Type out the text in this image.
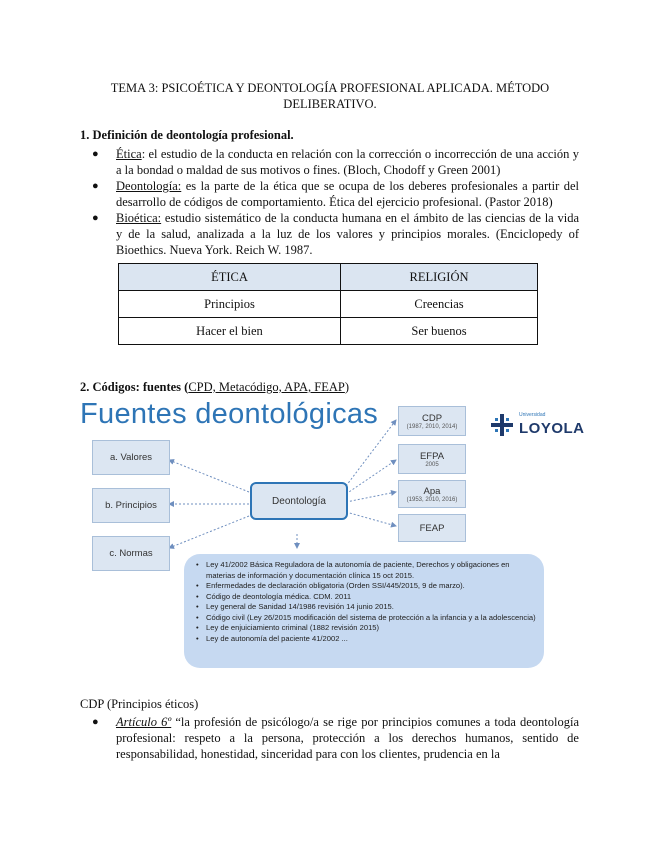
TEMA 3: PSICOÉTICA Y DEONTOLOGÍA PROFESIONAL APLICADA. MÉTODO DELIBERATIVO.
1. Definición de deontología profesional.
● Ética: el estudio de la conducta en relación con la corrección o incorrección de una acción y a la bondad o maldad de sus motivos o fines. (Bloch, Chodoff y Green 2001)
● Deontología: es la parte de la ética que se ocupa de los deberes profesionales a partir del desarrollo de códigos de comportamiento. Ética del ejercicio profesional. (Pastor 2018)
● Bioética: estudio sistemático de la conducta humana en el ámbito de las ciencias de la vida y de la salud, analizada a la luz de los valores y principios morales. (Enciclopedy of Bioethics. Nueva York. Reich W. 1987.
ÉTICA	RELIGIÓN
Principios	Creencias
Hacer el bien	Ser buenos
2. Códigos: fuentes (CPD, Metacódigo, APA, FEAP)
Fuentes deontológicas	Universidad
LOYOLA
a. Valores
b. Principios
c. Normas
Deontología
CDP
(1987, 2010, 2014)
EFPA
2005
Apa
(1953, 2010, 2016)
FEAP
• Ley 41/2002 Básica Reguladora de la autonomía de paciente, Derechos y obligaciones en materias de información y documentación clínica 15 oct 2015.
• Enfermedades de declaración obligatoria (Orden SSI/445/2015, 9 de marzo).
• Código de deontología médica. CDM. 2011
• Ley general de Sanidad 14/1986 revisión 14 junio 2015.
• Código civil (Ley 26/2015 modificación del sistema de protección a la infancia y a la adolescencia)
• Ley de enjuiciamiento criminal (1882 revisión 2015)
• Ley de autonomía del paciente 41/2002 ...
CDP (Principios éticos)
● Artículo 6º “la profesión de psicólogo/a se rige por principios comunes a toda deontología profesional: respeto a la persona, protección a los derechos humanos, sentido de responsabilidad, honestidad, sinceridad para con los clientes, prudencia en la
